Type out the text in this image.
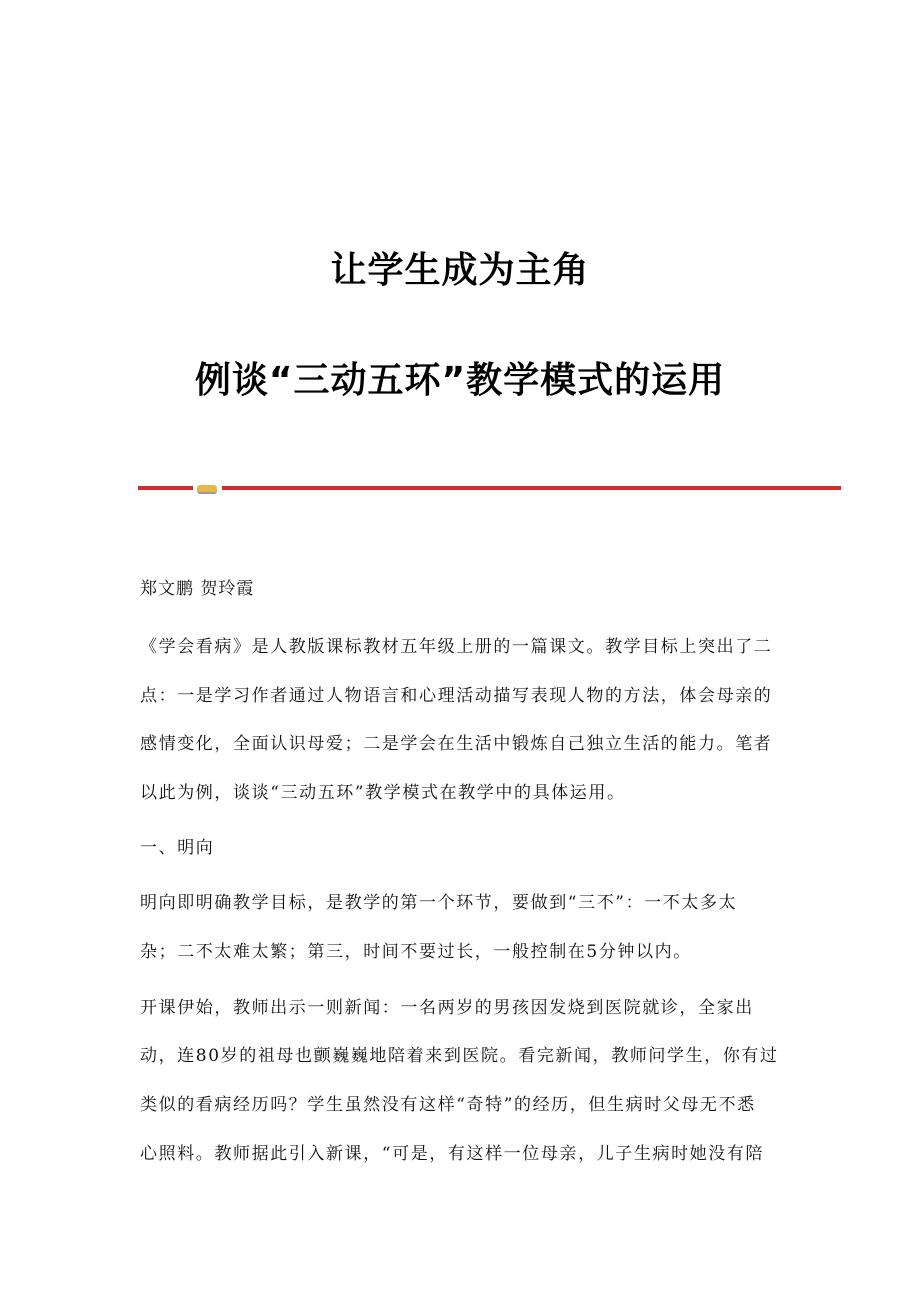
让学生成为主角
例谈“三动五环”教学模式的运用
郑文鹏 贺玲霞
《学会看病》是人教版课标教材五年级上册的一篇课文。教学目标上突出了二
点：一是学习作者通过人物语言和心理活动描写表现人物的方法，体会母亲的
感情变化，全面认识母爱；二是学会在生活中锻炼自己独立生活的能力。笔者
以此为例，谈谈“三动五环”教学模式在教学中的具体运用。
一、明向
明向即明确教学目标，是教学的第一个环节，要做到“三不”：一不太多太
杂；二不太难太繁；第三，时间不要过长，一般控制在5分钟以内。
开课伊始，教师出示一则新闻：一名两岁的男孩因发烧到医院就诊，全家出
动，连80岁的祖母也颤巍巍地陪着来到医院。看完新闻，教师问学生，你有过
类似的看病经历吗？学生虽然没有这样“奇特”的经历，但生病时父母无不悉
心照料。教师据此引入新课，“可是，有这样一位母亲，儿子生病时她没有陪
